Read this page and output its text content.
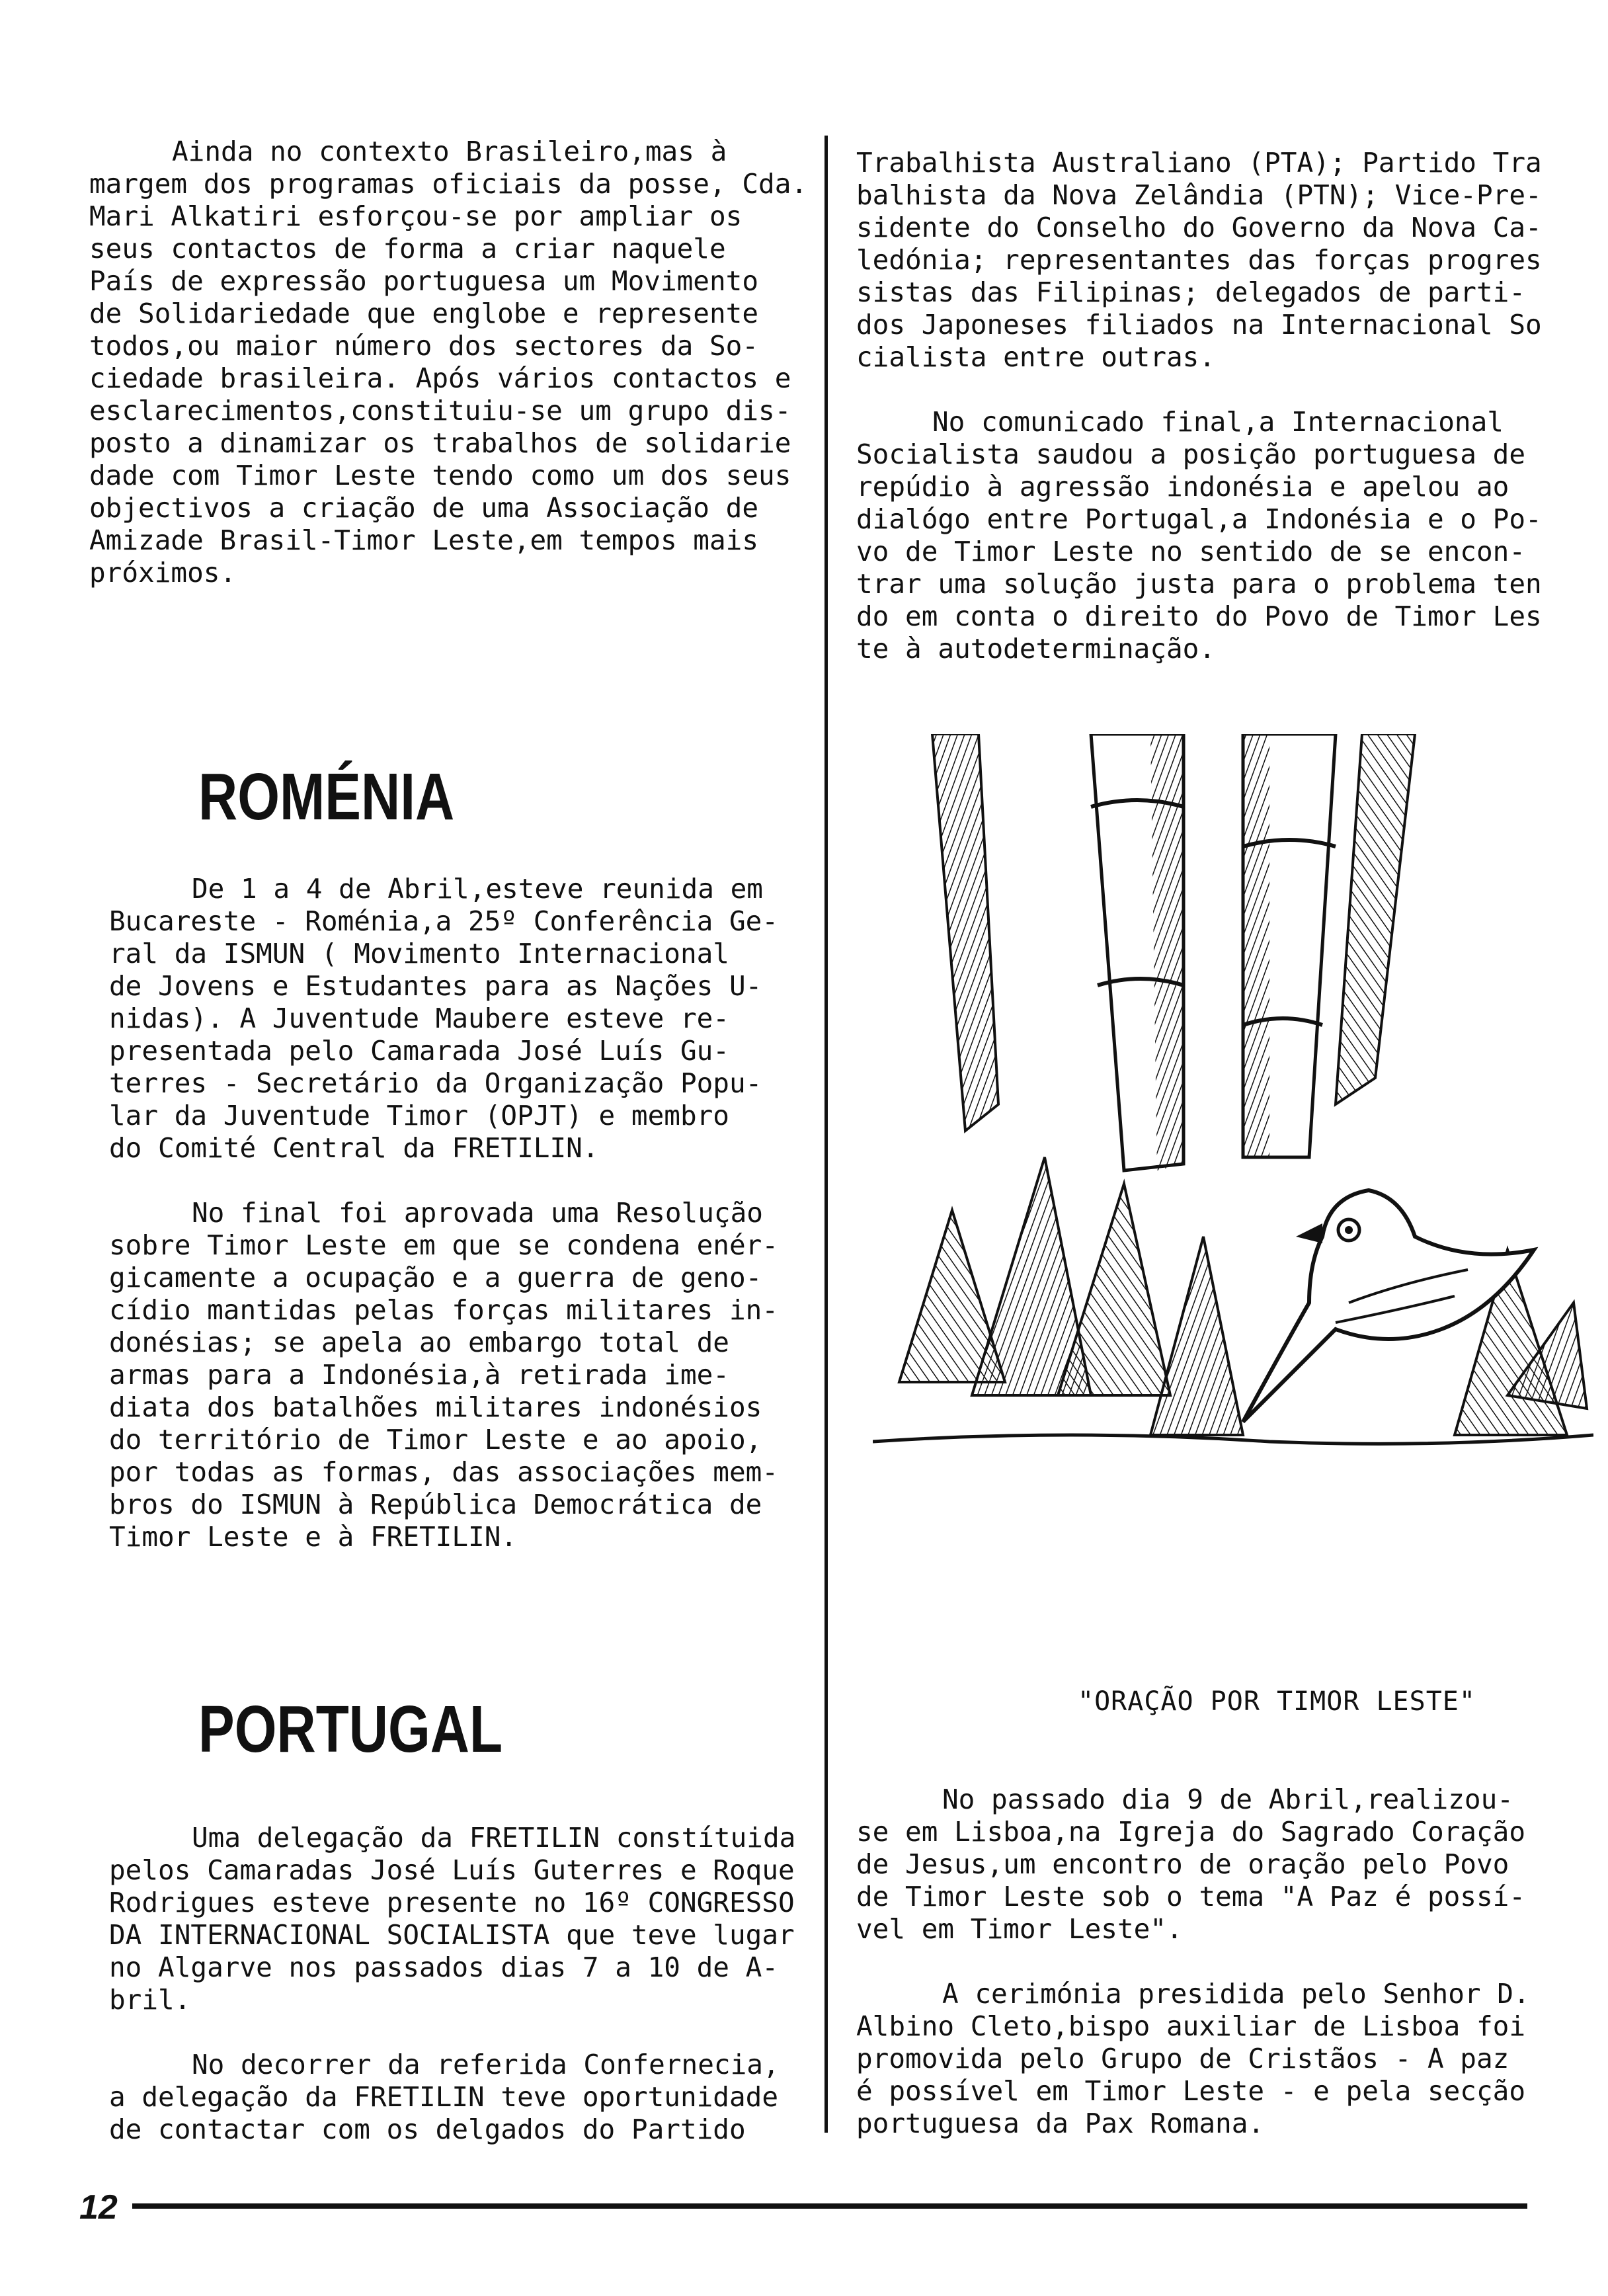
Ainda no contexto Brasileiro,mas à
margem dos programas oficiais da posse, Cda.
Mari Alkatiri esforçou-se por ampliar os
seus contactos de forma a criar naquele
País de expressão portuguesa um Movimento
de Solidariedade que englobe e represente
todos,ou maior número dos sectores da So-
ciedade brasileira. Após vários contactos e
esclarecimentos,constituiu-se um grupo dis-
posto a dinamizar os trabalhos de solidarie
dade com Timor Leste tendo como um dos seus
objectivos a criação de uma Associação de
Amizade Brasil-Timor Leste,em tempos mais
próximos.

ROMÉNIA

De 1 a 4 de Abril,esteve reunida em
Bucareste - Roménia,a 25º Conferência Ge-
ral da ISMUN ( Movimento Internacional
de Jovens e Estudantes para as Nações U-
nidas). A Juventude Maubere esteve re-
presentada pelo Camarada José Luís Gu-
terres - Secretário da Organização Popu-
lar da Juventude Timor (OPJT) e membro
do Comité Central da FRETILIN.

No final foi aprovada uma Resolução
sobre Timor Leste em que se condena enér-
gicamente a ocupação e a guerra de geno-
cídio mantidas pelas forças militares in-
donésias; se apela ao embargo total de
armas para a Indonésia,à retirada ime-
diata dos batalhões militares indonésios
do território de Timor Leste e ao apoio,
por todas as formas, das associações mem-
bros do ISMUN à República Democrática de
Timor Leste e à FRETILIN.

PORTUGAL

Uma delegação da FRETILIN constítuida
pelos Camaradas José Luís Guterres e Roque
Rodrigues esteve presente no 16º CONGRESSO
DA INTERNACIONAL SOCIALISTA que teve lugar
no Algarve nos passados dias 7 a 10 de A-
bril.

No decorrer da referida Confernecia,
a delegação da FRETILIN teve oportunidade
de contactar com os delgados do Partido

Trabalhista Australiano (PTA); Partido Tra
balhista da Nova Zelândia (PTN); Vice-Pre-
sidente do Conselho do Governo da Nova Ca-
ledónia; representantes das forças progres
sistas das Filipinas; delegados de parti-
dos Japoneses filiados na Internacional So
cialista entre outras.

No comunicado final,a Internacional
Socialista saudou a posição portuguesa de
repúdio à agressão indonésia e apelou ao
dialógo entre Portugal,a Indonésia e o Po-
vo de Timor Leste no sentido de se encon-
trar uma solução justa para o problema ten
do em conta o direito do Povo de Timor Les
te à autodeterminação.

"ORAÇÃO POR TIMOR LESTE"

No passado dia 9 de Abril,realizou-
se em Lisboa,na Igreja do Sagrado Coração
de Jesus,um encontro de oração pelo Povo
de Timor Leste sob o tema "A Paz é possí-
vel em Timor Leste".

A cerimónia presidida pelo Senhor D.
Albino Cleto,bispo auxiliar de Lisboa foi
promovida pelo Grupo de Cristãos - A paz
é possível em Timor Leste - e pela secção
portuguesa da Pax Romana.

12
